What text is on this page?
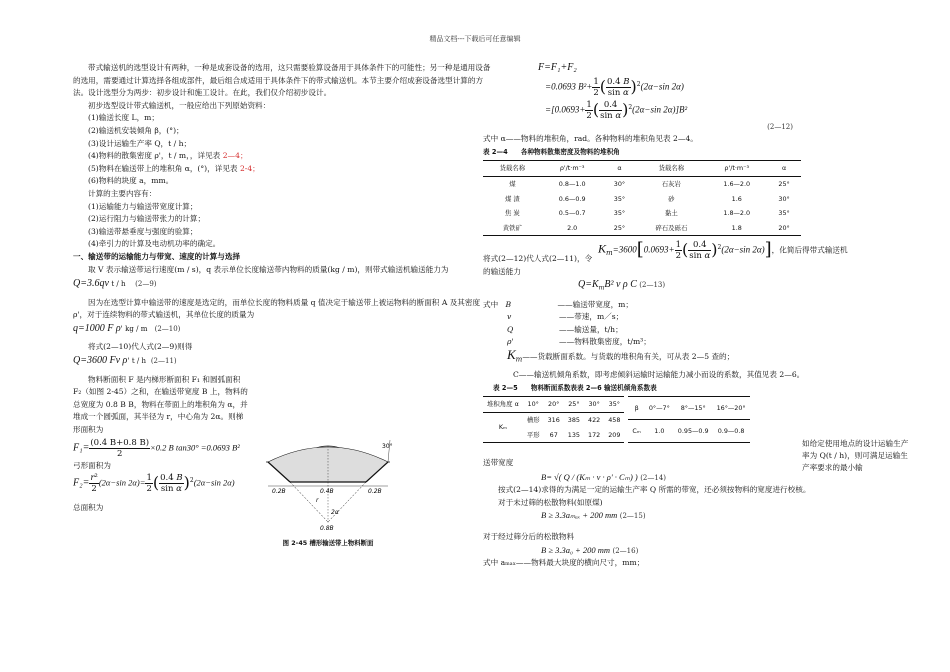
精品文档---下载后可任意编辑

带式输送机的选型设计有两种，一种是成套设备的选用，这只需要验算设备用于具体条件下的可能性；另一种是通用设备的选用，需要通过计算选择各组成部件，最后组合成适用于具体条件下的带式输送机。本节主要介绍成套设备选型计算的方法。设计选型分为两步：初步设计和施工设计。在此，我们仅介绍初步设计。

初步选型设计带式输送机，一般应给出下列原始资料：

(1)输送长度 L，m；

(2)输送机安装倾角 β，(°)；

(3)设计运输生产率 Q，t / h；

(4)物料的散集密度 ρ'，t / m，，详见表 2—4；

(5)物料在输送带上的堆积角 α，(°)，详见表 2-4；

(6)物料的块度 a，mm。

计算的主要内容有：

(1)运输能力与输送带宽度计算；

(2)运行阻力与输送带张力的计算；

(3)输送带悬垂度与强度的验算；

(4)牵引力的计算及电动机功率的确定。

一、输送带的运输能力与带宽、速度的计算与选择

取 V 表示输送带运行速度(m / s)，q 表示单位长度输送带内物料的质量(kg / m)，则带式输送机输送能力为

Q=3.6qv t / h (2—9)

因为在选型计算中输送带的速度是选定的，而单位长度的物料质量 q 值决定于输送带上被运物料的断面积 A 及其密度 ρ'，对于连续物料的带式输送机，其单位长度的质量为

q=1000 F ρ' kg / m (2—10)

将式(2—10)代人式(2—9)则得

Q=3600 Fv ρ' t / h (2—11)

物料断面积 F 是内梯形断面积 F₁ 和圆弧面积 F₂（如图 2-45）之和，在输送带宽度 B 上，物料的总宽度为 0.8 B B，物料在带面上的堆积角为 α，并堆成一个圆弧面，其半径为 r，中心角为 2α。则梯形面积为

$F_1= \frac{(0.4 B+0.8 B)}{2} \times 0.2$ B tan30° =0.0693 B²

弓形面积为

$F_2= \frac{\text{r²}}{2} (2\alpha-\sin$ $2\alpha)= \frac{1}{2}$ ( $\frac{0.4 B}{\text{sin α}} )^2(2\alpha-\sin$ 2α)

总面积为

30°
2α
r
0.2B	0.4B	0.2B
0.8B
图 2-45 槽形输送带上物料断面

F=F₁+F₂

=0.0693 $B^2+ \frac{1}{2}$ ( $\frac{0.4 B}{\text{sin α}} )^2(2\alpha-\sin$ 2α)

$=[0.0693+ \frac{1}{2}$ ( $\frac{0.4}{\text{sin α}} )^2(2\alpha-\sin$ 2α)]B²

(2—12)

式中 α——物料的堆积角，rad。各种物料的堆积角见表 2—4。

表 2—4　　各种物料散集密度及物料的堆积角

货载名称	ρ'/t·m⁻³	α	货载名称	ρ'/t·m⁻³	α
煤	0.8—1.0	30°	石灰岩	1.6—2.0	25°
煤 渣	0.6—0.9	35°	砂	1.6	30°
焦 炭	0.5—0.7	35°	黏土	1.8—2.0	35°
黄铁矿	2.0	25°	碎石及砾石	1.8	20°

$K_m=3600[0.0693+ \frac{1}{2}$ ( $\frac{0.4}{\text{sin α}} )^2(2\alpha-\sin$ 2α)]，化简后得带式输送机

将式(2—12)代人式(2—11)，令

的输送能力

$Q=K_mB^2$ v ρ C (2—13)

式中 B	——输送带宽度，m；

v	——带速，m／s；

Q	——输送量，t/h；

ρ'	——物料散集密度，t/m³；

$K_m——$货载断面系数。与货载的堆积角有关，可从表 2—5 查的；

C——输送机倾角系数，即考虑倾斜运输时运输能力减小而设的系数，其值见表 2—6。

表 2—5　　物料断面系数表表 2—6 输送机倾角系数表

堆积角度 α	10°	20°	25°	30°	35°
Kₘ	槽形	316	385	422	458
	平形	67	135	172	209
β	0°—7°	8°—15°	16°—20°
Cₘ	1.0	0.95—0.9	0.9—0.8

送带宽度

B= √( Q / (Kₘ · v · ρ' · Cₘ) ) (2—14)

按式(2—14)求得的为满足一定的运输生产率 Q 所需的带宽，还必须按物料的宽度进行校核。

对于未过筛的松散物料(如原煤)

B ≥ 3.3aₘₐₓ + 200 mm (2—15)

对于经过筛分后的松散物料

B ≥ 3.3a₀ + 200 mm (2—16)

式中 aₘₐₓ——物料最大块度的横向尺寸，mm；

如给定使用地点的设计运输生产率为 Q(t / h)，则可满足运输生产率要求的最小输
